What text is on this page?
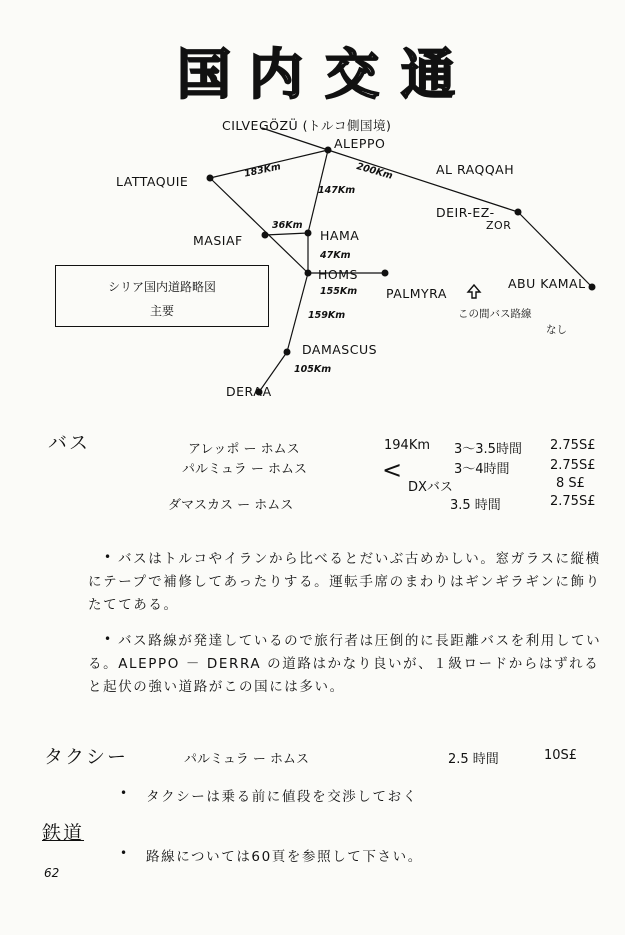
国 内 交 通
CILVEGÖZÜ (トルコ側国境)
ALEPPO
LATTAQUIE
AL RAQQAH
DEIR-EZ-
ZOR
MASIAF	HAMA
HOMS
PALMYRA
ABU KAMAL
DAMASCUS
DERAA
183Km	200Km
147Km
36Km
47Km
155Km
159Km
105Km
この間バス路線
なし
シリア国内道路略図
主要
バス	アレッポ ー ホムス	194Km 3～3.5時間 2.75S£
パルミュラ ー ホムス	3～4時間	2.75S£
<
DXバス	8 S£
ダマスカス ー ホムス	3.5 時間	2.75S£
• バスはトルコやイランから比べるとだいぶ古めかしい。窓ガラスに縦横にテープで補修してあったりする。運転手席のまわりはギンギラギンに飾りたててある。
• バス路線が発達しているので旅行者は圧倒的に長距離バスを利用している。ALEPPO － DERRA の道路はかなり良いが、１級ロードからはずれると起伏の強い道路がこの国には多い。
タクシー	パルミュラ ー ホムス	2.5 時間	10S£
• タクシーは乗る前に値段を交渉しておく
鉄道
• 路線については60頁を参照して下さい。
62
